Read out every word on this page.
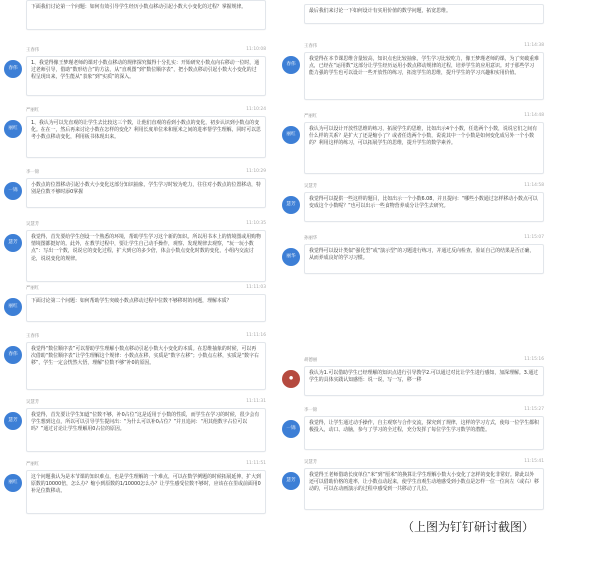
下面我们讨论第一个问题：如何有效引导学生经历小数点移动引起小数大小变化的过程？掌握规律。
春伟
王春伟	11:10:08
1、我觉得像王梦瑾老师的课对小数点移动的规律探究做得十分扎实：开始研究小数点向右移动一位时，通过老师引导，借助“数形结合”的方法，从“直观图”到“数位顺序表”，把小数点移动引起小数大小变化的过程呈现出来，学生能从“表象”到“实质”的深入。
丽红
严丽红	11:10:24
1、我认为可以先直观的让学生去比较这三个数，让他们直观的看到小数点的变化，初步认识到小数点的变化。在在一，然后再来讨论小数在怎样的变化？利用长度单位米和厘米之间的进率帮学生理解，同时可以思考小数点移动变化，利用板书体现出来。
一锦
李一锦	11:10:29
小数点的位置移动引起小数大小变化这部分知识抽象，学生学习时较为吃力，往往对小数点的位置移动，特别是位数不够时添0掌握
慧芳
吴慧芳	11:10:35
我觉得，首先要给学生创设一个熟悉的环境，帮助学生学习这个新的知识。所以用书本上的情境图或用购物情境图都挺好的。此外，在教学过程中，要让学生自己动手操作，观察、发现规律去观察，“玩一玩小数点”：写出一个数，说说它的变化过程，扩大到它的多少倍，体会小数点变化时数的变化，小组内交流讨论，说说变化的规律。
丽红
严丽红	11:11:03
下面讨论第二个问题：如何帮助学生突破小数点移动过程中位数不够移时的问题，理解本质？
春伟
王春伟	11:11:16
我觉得“数位顺序表”可以帮助学生理解小数点移动引起小数大小变化的本质。在思维抽象的时候，可以再次借助“数位顺序表”让学生理解这个规律：小数点在移，实质是“数字左移”；小数点左移，实质是“数字右移”，学生一定会恍然大悟，理解“位数不够”补0的原因。
慧芳
吴慧芳	11:11:31
我觉得，首先要让学生知道“位数不够，补0占位”这是适用于小数的性质，而学生在学习的时候，很少会有学生想到这点，所以可以引导学生提问出：“为什么可以补0占位？”并且追问：“用其他数字占位可以吗？”通过讨论让学生理解用0占位的原因。
丽红
严丽红	11:11:51
这个问题我认为是本节课的知识难点，也是学生理解的一个难点，可以在数学例题的时候拓展延伸，扩大到原数的10000倍，怎么办？缩小到原数的1/10000怎么办？让学生感受位数不够时，应该在在里或前面用0补足位数移动。
最后我们来讨论一下如何设计有实用价值的数学问题，拓宽思维。
春伟
王春伟	11:14:38
我觉得在本节课思维含量较高，知识点也比较抽象，学生学习比较吃力，像王梦瑾老师的课，为了突破重难点，已经在“运用数”这部分让学生经历运用小数点移动规律的过程，培养学生的应用意识。对于那些学习能力强的学生也可以设计一些开放性的练习，拓宽学生的思维，提升学生的学习兴趣和实用价值。
丽红
严丽红	11:14:48
我认为可以设计开放性思维的练习，拓展学生的思维，比如出示4个小数，任选两个小数，说说它们之间有什么样的关系？是扩大了还是缩小了？或者任选两个小数，说说其中一个小数是如何变化成另外一个小数的？利用这样的练习，可以拓展学生的思维，提升学生的数学素养。
慧芳
吴慧芳	11:14:58
我觉得可以提供一些这样的题目，比如出示一个小数6.08，并且提问：“哪些小数通过怎样移动小数点可以变成这个小数呢？”也可以出示一些食物营养成分让学生去研究。
丽华
孙丽华	11:15:07
我觉得可以设计类似“强化型”或“演示型”的习题进行练习，并通过反向检查，验证自己的结果是否正确，从而养成良好的学习习惯。
●
胡德丽	11:15:16
我认为1.可以借助学生已经理解的知识点进行引导教学2.可以通过对比让学生进行感知，加深理解。3.通过学生的具体实践认知感悟：说一说，写一写，移一移
一锦
李一锦	11:15:27
我觉得，让学生通过动手操作，自主观察与合作交流，探究到了规律，这样的学习方式，使每一位学生都积极投入，动口、动脑，参与了学习的全过程，充分发挥了每位学生学习数学的潜能。
慧芳
吴慧芳	11:15:41
我觉得王老师借助长度单位“米”到“厘米”的换算让学生理解小数大小变化了怎样的变化非常好。除此以外还可以借助价格的进率，让小数点动起来，使学生直观生动地感受到小数点是怎样一位一位向左（或右）移动的，可以在动画演示的过程中感受到一共移动了几位。
（上图为钉钉研讨截图）
